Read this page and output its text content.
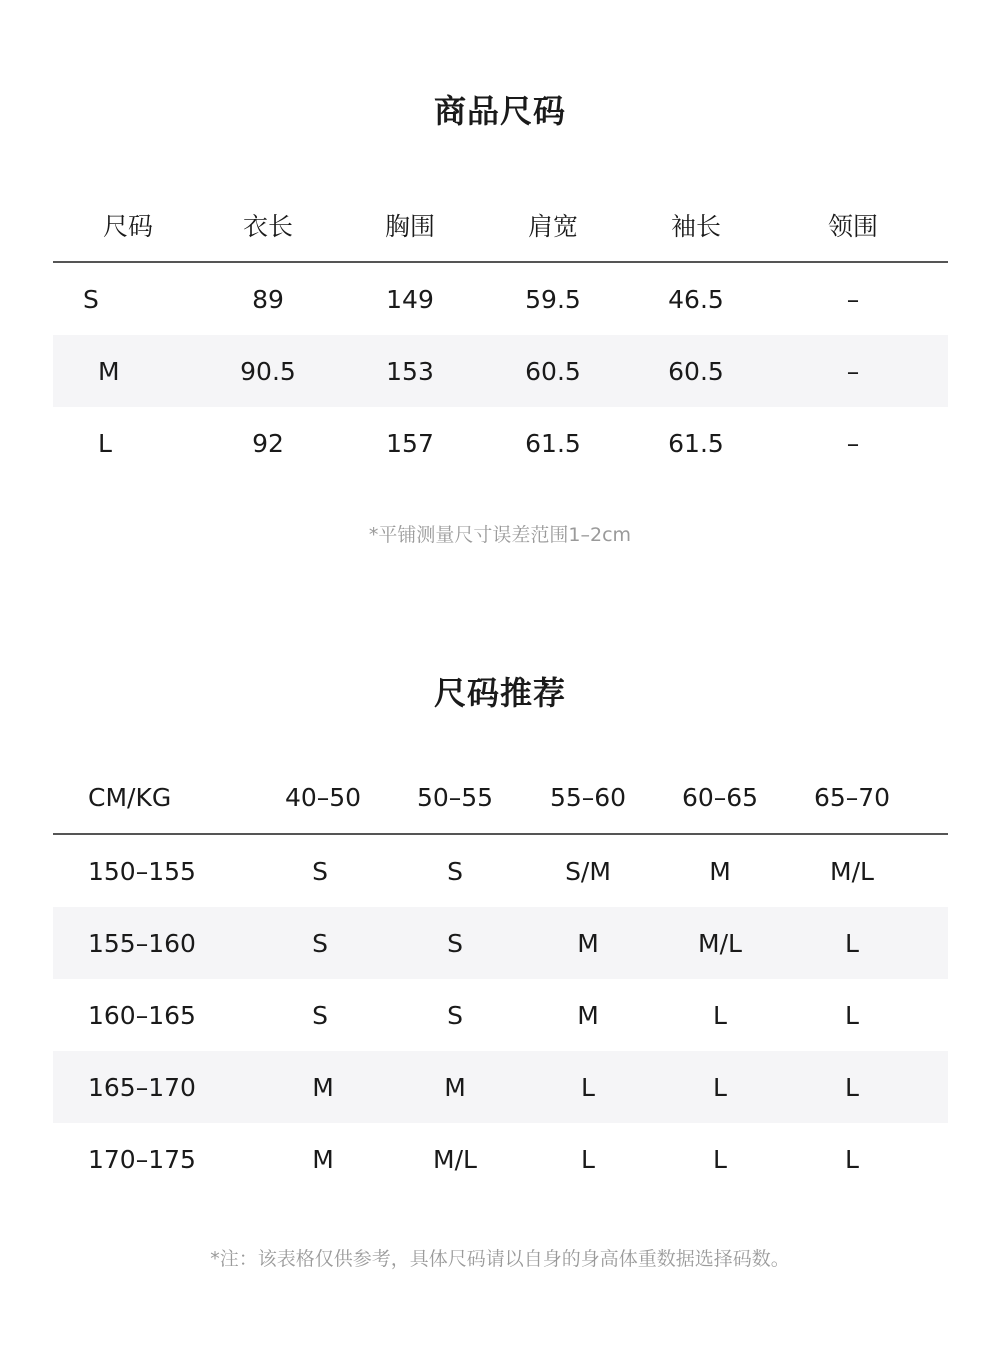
商品尺码
尺码	衣长	胸围	肩宽	袖长	领围
S	89	149	59.5	46.5	–
M	90.5	153	60.5	60.5	–
L	92	157	61.5	61.5	–
*平铺测量尺寸误差范围1–2cm
尺码推荐
CM/KG	40–50	50–55	55–60	60–65	65–70
150–155	S	S	S/M	M	M/L
155–160	S	S	M	M/L	L
160–165	S	S	M	L	L
165–170	M	M	L	L	L
170–175	M	M/L	L	L	L
*注：该表格仅供参考，具体尺码请以自身的身高体重数据选择码数。
